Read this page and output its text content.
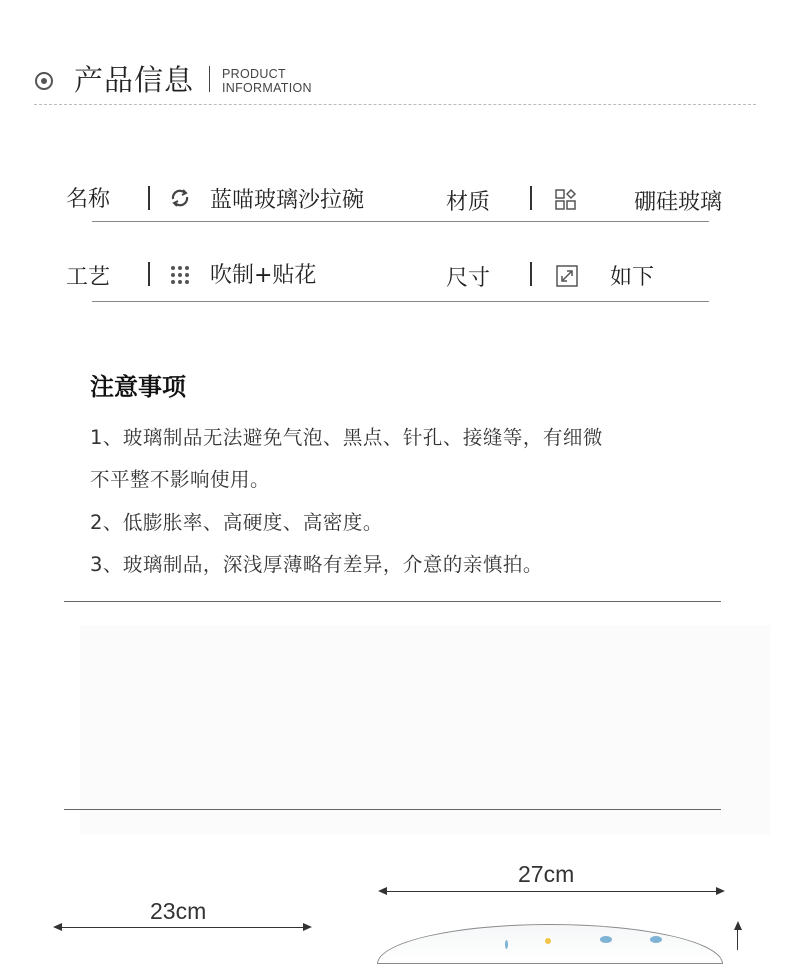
产品信息 PRODUCT
INFORMATION
名称	蓝喵玻璃沙拉碗	材质	硼硅玻璃
工艺	吹制+贴花	尺寸	如下
注意事项
1、玻璃制品无法避免气泡、黑点、针孔、接缝等，有细微
不平整不影响使用。
2、低膨胀率、高硬度、高密度。
3、玻璃制品，深浅厚薄略有差异，介意的亲慎拍。
27cm
23cm
